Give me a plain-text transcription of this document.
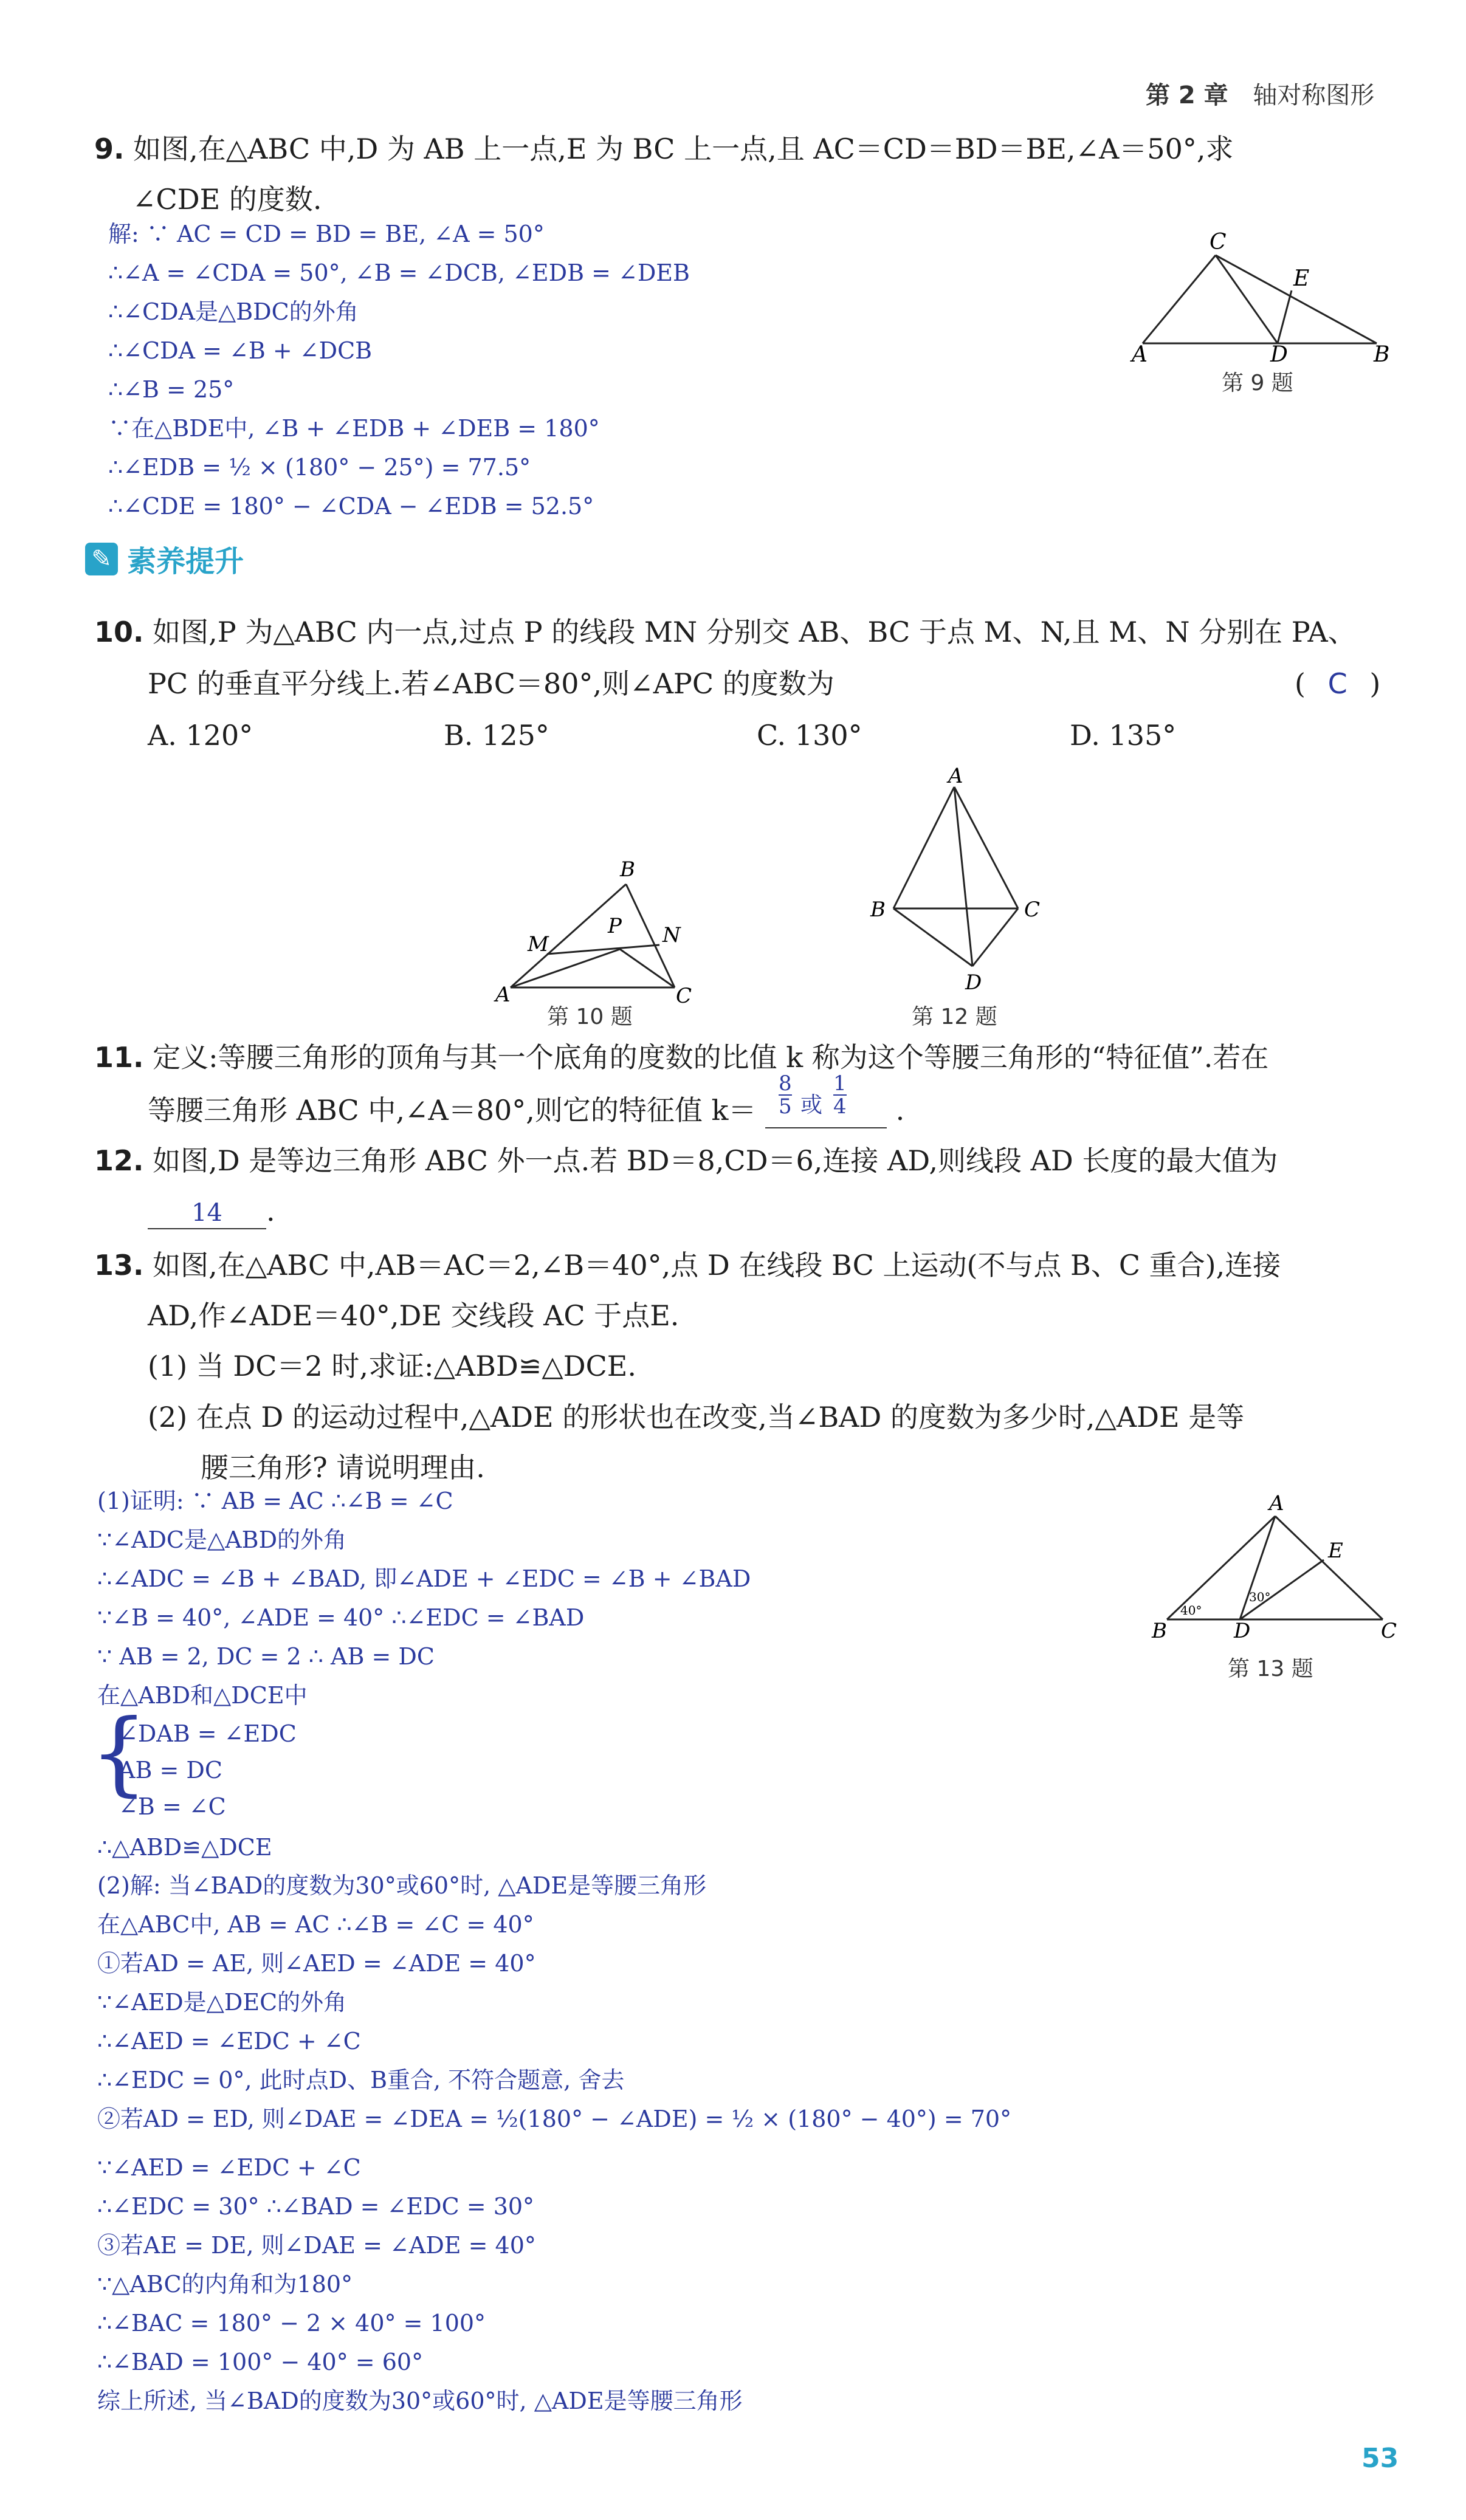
第 2 章 轴对称图形
9. 如图,在△ABC 中,D 为 AB 上一点,E 为 BC 上一点,且 AC＝CD＝BD＝BE,∠A＝50°,求
∠CDE 的度数.
解: ∵ AC = CD = BD = BE, ∠A = 50°
∴∠A = ∠CDA = 50°, ∠B = ∠DCB, ∠EDB = ∠DEB
∴∠CDA是△BDC的外角
∴∠CDA = ∠B + ∠DCB
∴∠B = 25°
∵在△BDE中, ∠B + ∠EDB + ∠DEB = 180°
∴∠EDB = ½ × (180° − 25°) = 77.5°
∴∠CDE = 180° − ∠CDA − ∠EDB = 52.5°
C
E
A	D	B
第 9 题
✎ 素养提升
10. 如图,P 为△ABC 内一点,过点 P 的线段 MN 分别交 AB、BC 于点 M、N,且 M、N 分别在 PA、
PC 的垂直平分线上.若∠ABC＝80°,则∠APC 的度数为	( C )
A. 120°	B. 125°	C. 130°	D. 135°
B
M
P N
A	C
第 10 题
A
B	C
D
第 12 题
11. 定义:等腰三角形的顶角与其一个底角的度数的比值 k 称为这个等腰三角形的“特征值”.若在
等腰三角形 ABC 中,∠A＝80°,则它的特征值 $k= \frac{8}{5}$ 或 $\frac{1}{4}$ .
12. 如图,D 是等边三角形 ABC 外一点.若 BD＝8,CD＝6,连接 AD,则线段 AD 长度的最大值为
14 .
13. 如图,在△ABC 中,AB＝AC＝2,∠B＝40°,点 D 在线段 BC 上运动(不与点 B、C 重合),连接
AD,作∠ADE＝40°,DE 交线段 AC 于点E.
(1) 当 DC＝2 时,求证:△ABD≌△DCE.
(2) 在点 D 的运动过程中,△ADE 的形状也在改变,当∠BAD 的度数为多少时,△ADE 是等
腰三角形? 请说明理由.
(1)证明: ∵ AB = AC ∴∠B = ∠C
∵∠ADC是△ABD的外角
∴∠ADC = ∠B + ∠BAD, 即∠ADE + ∠EDC = ∠B + ∠BAD
∵∠B = 40°, ∠ADE = 40° ∴∠EDC = ∠BAD
∵ AB = 2, DC = 2 ∴ AB = DC
在△ABD和△DCE中
{
∠DAB = ∠EDC
AB = DC
∠B = ∠C
∴△ABD≌△DCE
(2)解: 当∠BAD的度数为30°或60°时, △ADE是等腰三角形
在△ABC中, AB = AC ∴∠B = ∠C = 40°
①若AD = AE, 则∠AED = ∠ADE = 40°
∵∠AED是△DEC的外角
∴∠AED = ∠EDC + ∠C
∴∠EDC = 0°, 此时点D、B重合, 不符合题意, 舍去
②若AD = ED, 则∠DAE = ∠DEA = ½(180° − ∠ADE) = ½ × (180° − 40°) = 70°
∵∠AED = ∠EDC + ∠C
∴∠EDC = 30° ∴∠BAD = ∠EDC = 30°
③若AE = DE, 则∠DAE = ∠ADE = 40°
∵△ABC的内角和为180°
∴∠BAC = 180° − 2 × 40° = 100°
∴∠BAD = 100° − 40° = 60°
综上所述, 当∠BAD的度数为30°或60°时, △ADE是等腰三角形
A
E
B	D	C
40°
30°
第 13 题
53
